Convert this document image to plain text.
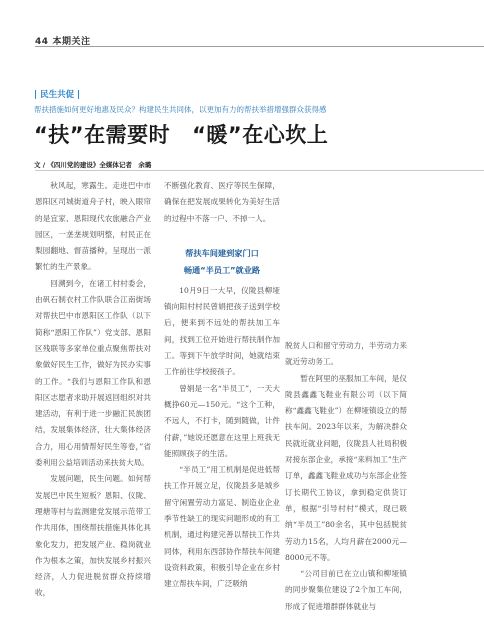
44 本期关注
| 民生共促 |
帮扶措施如何更好地惠及民众？构建民生共同体，以更加有力的帮扶举措增强群众获得感
“扶”在需要时 “暖”在心坎上
文 / 《四川党的建设》全媒体记者　余璐

秋风起，寒露生。走进巴中市恩阳区司城街道舟子村，映入眼帘的是宜家、恩阳现代农旅融合产业园区，一垄垄规划明整，村民正在梨园翻地、督苗播种，呈现出一派繁忙的生产景象。

回溯到今，在诸工村村委会，由矾石制衣村工作队联合江南街场对帮扶巴中市恩阳区工作队（以下简称“恩阳工作队”）党支部、恩阳区残联等多家单位重点聚焦帮扶对象做好民生工作，做好为民办实事的工作。“我们与恩阳工作队和恩阳区志愿者求助开展返回组织对共建活动，有利于进一步融汇民族团结，发展集体经济，壮大集体经济合力，用心用情帮好民生等卷，”省委利用公益培训活动来扶贫大局。

发展问题，民生问题。如何帮发展巴中民生短板？恩阳、仪陇、理塘等村与监测建党发展示范带工作共用体，围绕帮扶措施具体化具象化发力，把发展产业、稳岗就业作为根本之策，加快发展乡村振兴经济，人力促进脱贫群众持续增收，

不断强化教育、医疗等民生保障，确保在把发展成果转化为美好生活的过程中不落一户、不掉一人。

帮扶车间建到家门口
畅通“半员工”就业路

10月9日一大早，仪陇县柳垭镇向阳村村民曾娟把孩子送到学校后，便来到不远处的帮扶加工车间，找到工位开始进行帮扶制作加工。等到下午放学时间，她就结束工作前往学校接孩子。

曾娟是一名“半员工”，一天大概挣60元—150元。“这个工种，不远人，不打卡，随到随做，计件付薪，”她说还愿意在这里上班我无能照顾孩子的生活。

“半员工”用工机制是促进低帮扶工作开展立足，仪陇县多是城乡留守闲置劳动力富足、制造业企业季节性缺工的现实问题形成的有工机制，通过构建完善以帮扶工作共同体，利用东西部协作帮扶车间建设资料政策，积极引导企业在乡村建立帮扶车间，广泛吸纳

脱贫人口和留守劳动力，半劳动力来就近劳动务工。

暂在阿里的巫服加工车间，是仪陇县鑫鑫飞鞋业有限公司（以下简称“鑫鑫飞鞋业”）在柳垭镇设立的帮扶车间。2023年以来，为解决群众民就近就业问题，仪陇县人社局积极对接东部企业，承接“来料加工”生产订单，鑫鑫飞鞋业成功与东部企业签订长期代工协议，拿到稳定供货订单，根据“引导村村”模式，现已吸纳“半员工”80余名，其中包括脱贫劳动力15名，人均月薪在2000元—8000元不等。

“公司目前已在立山镇和柳垭镇的同步聚集位建设了2个加工车间，形成了促进增群群体就业与
